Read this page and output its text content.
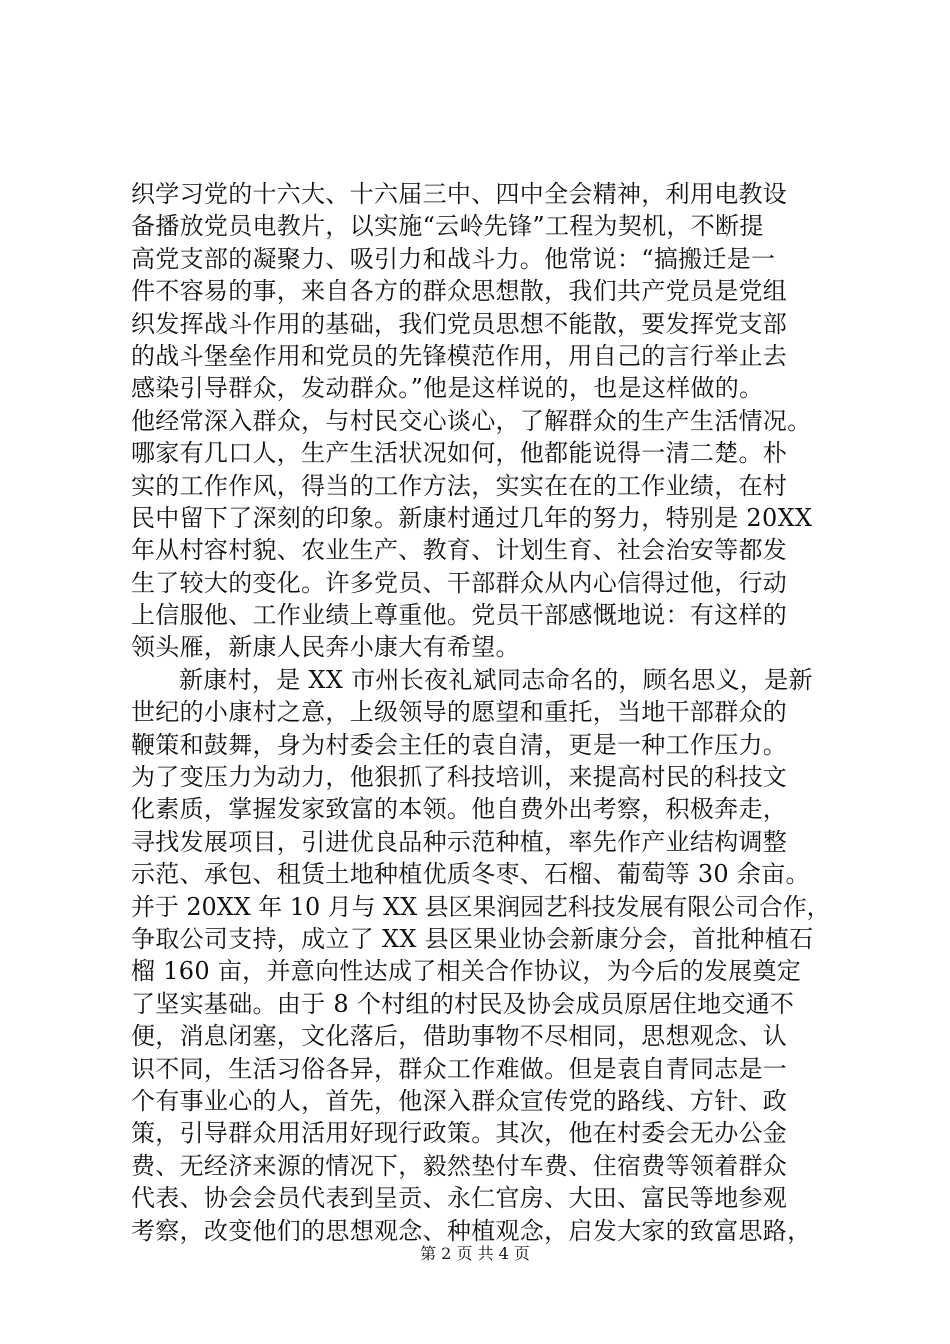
织学习党的十六大、十六届三中、四中全会精神，利用电教设
备播放党员电教片，以实施“云岭先锋”工程为契机，不断提
高党支部的凝聚力、吸引力和战斗力。他常说：“搞搬迁是一
件不容易的事，来自各方的群众思想散，我们共产党员是党组
织发挥战斗作用的基础，我们党员思想不能散，要发挥党支部
的战斗堡垒作用和党员的先锋模范作用，用自己的言行举止去
感染引导群众，发动群众。”他是这样说的，也是这样做的。
他经常深入群众，与村民交心谈心，了解群众的生产生活情况。
哪家有几口人，生产生活状况如何，他都能说得一清二楚。朴
实的工作作风，得当的工作方法，实实在在的工作业绩，在村
民中留下了深刻的印象。新康村通过几年的努力，特别是 20XX
年从村容村貌、农业生产、教育、计划生育、社会治安等都发
生了较大的变化。许多党员、干部群众从内心信得过他，行动
上信服他、工作业绩上尊重他。党员干部感慨地说：有这样的
领头雁，新康人民奔小康大有希望。
新康村，是 XX 市州长夜礼斌同志命名的，顾名思义，是新
世纪的小康村之意，上级领导的愿望和重托，当地干部群众的
鞭策和鼓舞，身为村委会主任的袁自清，更是一种工作压力。
为了变压力为动力，他狠抓了科技培训，来提高村民的科技文
化素质，掌握发家致富的本领。他自费外出考察，积极奔走，
寻找发展项目，引进优良品种示范种植，率先作产业结构调整
示范、承包、租赁土地种植优质冬枣、石榴、葡萄等 30 余亩。
并于 20XX 年 10 月与 XX 县区果润园艺科技发展有限公司合作，
争取公司支持，成立了 XX 县区果业协会新康分会，首批种植石
榴 160 亩，并意向性达成了相关合作协议，为今后的发展奠定
了坚实基础。由于 8 个村组的村民及协会成员原居住地交通不
便，消息闭塞，文化落后，借助事物不尽相同，思想观念、认
识不同，生活习俗各异，群众工作难做。但是袁自青同志是一
个有事业心的人，首先，他深入群众宣传党的路线、方针、政
策，引导群众用活用好现行政策。其次，他在村委会无办公金
费、无经济来源的情况下，毅然垫付车费、住宿费等领着群众
代表、协会会员代表到呈贡、永仁官房、大田、富民等地参观
考察，改变他们的思想观念、种植观念，启发大家的致富思路，
第 2 页 共 4 页
